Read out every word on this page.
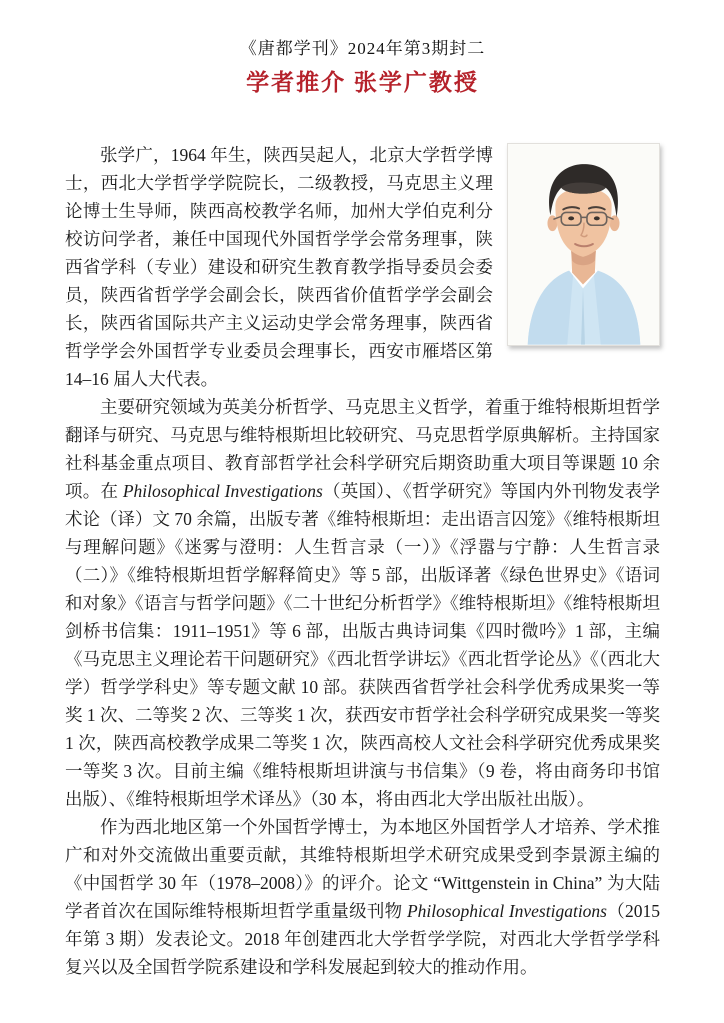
《唐都学刊》2024年第3期封二
学者推介 张学广教授

张学广，1964 年生，陕西吴起人，北京大学哲学博士，西北大学哲学学院院长，二级教授，马克思主义理论博士生导师，陕西高校教学名师，加州大学伯克利分校访问学者，兼任中国现代外国哲学学会常务理事，陕西省学科（专业）建设和研究生教育教学指导委员会委员，陕西省哲学学会副会长，陕西省价值哲学学会副会长，陕西省国际共产主义运动史学会常务理事，陕西省哲学学会外国哲学专业委员会理事长，西安市雁塔区第 14–16 届人大代表。

主要研究领域为英美分析哲学、马克思主义哲学，着重于维特根斯坦哲学翻译与研究、马克思与维特根斯坦比较研究、马克思哲学原典解析。主持国家社科基金重点项目、教育部哲学社会科学研究后期资助重大项目等课题 10 余项。在 Philosophical Investigations（英国）、《哲学研究》等国内外刊物发表学术论（译）文 70 余篇，出版专著《维特根斯坦：走出语言囚笼》《维特根斯坦与理解问题》《迷雾与澄明：人生哲言录（一）》《浮嚣与宁静：人生哲言录（二）》《维特根斯坦哲学解释简史》等 5 部，出版译著《绿色世界史》《语词和对象》《语言与哲学问题》《二十世纪分析哲学》《维特根斯坦》《维特根斯坦剑桥书信集：1911–1951》等 6 部，出版古典诗词集《四时微吟》1 部，主编《马克思主义理论若干问题研究》《西北哲学讲坛》《西北哲学论丛》《（西北大学）哲学学科史》等专题文献 10 部。获陕西省哲学社会科学优秀成果奖一等奖 1 次、二等奖 2 次、三等奖 1 次，获西安市哲学社会科学研究成果奖一等奖 1 次，陕西高校教学成果二等奖 1 次，陕西高校人文社会科学研究优秀成果奖一等奖 3 次。目前主编《维特根斯坦讲演与书信集》（9 卷，将由商务印书馆出版）、《维特根斯坦学术译丛》（30 本，将由西北大学出版社出版）。

作为西北地区第一个外国哲学博士，为本地区外国哲学人才培养、学术推广和对外交流做出重要贡献，其维特根斯坦学术研究成果受到李景源主编的《中国哲学 30 年（1978–2008）》的评介。论文 “Wittgenstein in China” 为大陆学者首次在国际维特根斯坦哲学重量级刊物 Philosophical Investigations（2015 年第 3 期）发表论文。2018 年创建西北大学哲学学院，对西北大学哲学学科复兴以及全国哲学院系建设和学科发展起到较大的推动作用。
